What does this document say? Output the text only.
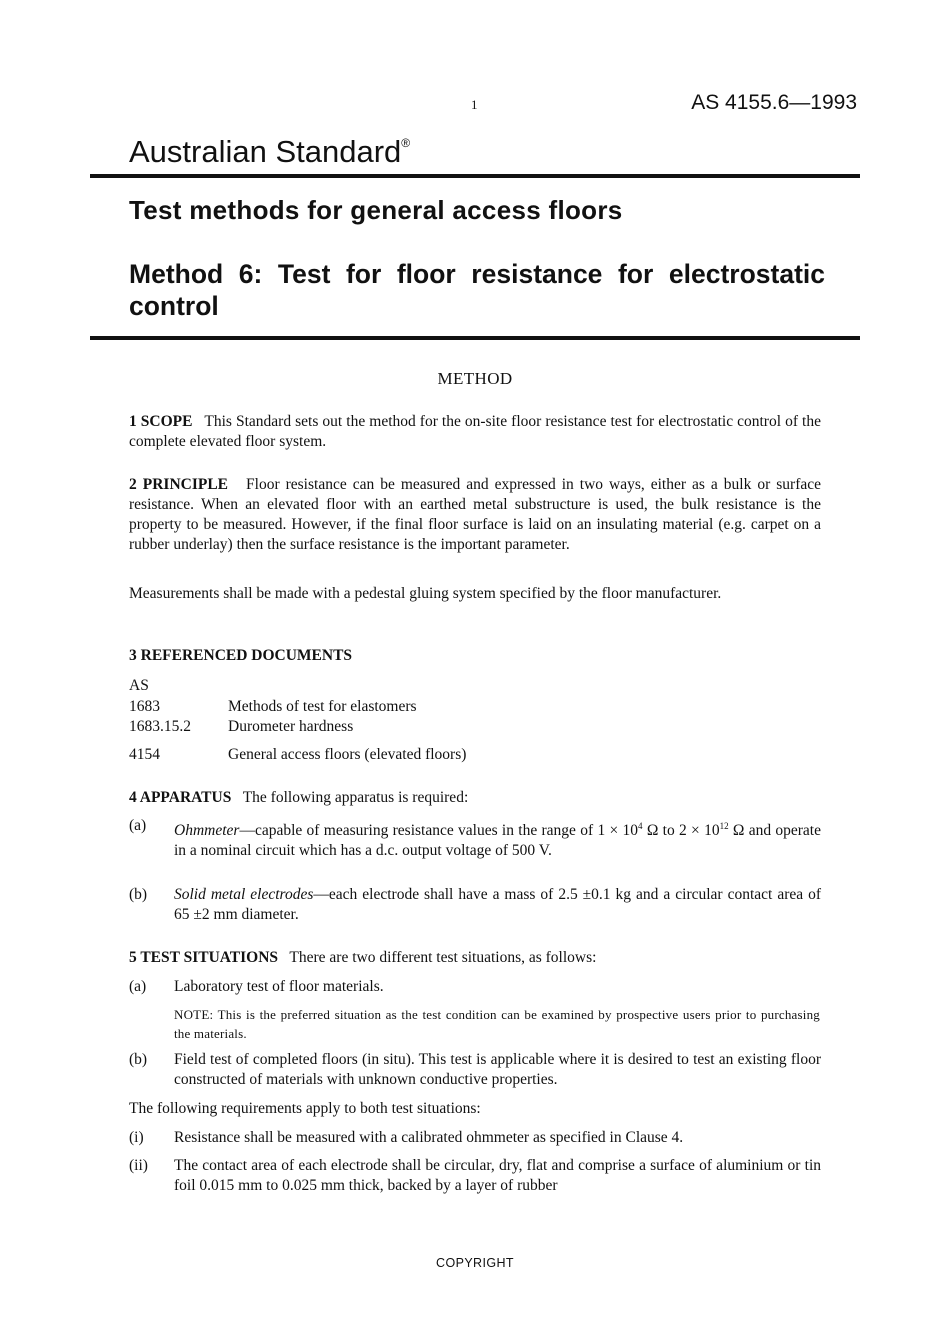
1	AS 4155.6—1993
Australian Standard®
Test methods for general access floors
Method 6: Test for floor resistance for electrostatic control
METHOD
1 SCOPE This Standard sets out the method for the on-site floor resistance test for electrostatic control of the complete elevated floor system.
2 PRINCIPLE Floor resistance can be measured and expressed in two ways, either as a bulk or surface resistance. When an elevated floor with an earthed metal substructure is used, the bulk resistance is the property to be measured. However, if the final floor surface is laid on an insulating material (e.g. carpet on a rubber underlay) then the surface resistance is the important parameter.
Measurements shall be made with a pedestal gluing system specified by the floor manufacturer.
3 REFERENCED DOCUMENTS
AS
1683	Methods of test for elastomers
1683.15.2 Durometer hardness
4154	General access floors (elevated floors)
4 APPARATUS The following apparatus is required:
(a) Ohmmeter—capable of measuring resistance values in the range of $1 \times 10^4$ Ω to $2 \times 10^{12}$ Ω and operate in a nominal circuit which has a d.c. output voltage of 500 V.
(b) Solid metal electrodes—each electrode shall have a mass of 2.5 ±0.1 kg and a circular contact area of 65 ±2 mm diameter.
5 TEST SITUATIONS There are two different test situations, as follows:
(a) Laboratory test of floor materials.
NOTE: This is the preferred situation as the test condition can be examined by prospective users prior to purchasing the materials.
(b) Field test of completed floors (in situ). This test is applicable where it is desired to test an existing floor constructed of materials with unknown conductive properties.
The following requirements apply to both test situations:
(i) Resistance shall be measured with a calibrated ohmmeter as specified in Clause 4.
(ii) The contact area of each electrode shall be circular, dry, flat and comprise a surface of aluminium or tin foil 0.015 mm to 0.025 mm thick, backed by a layer of rubber
COPYRIGHT
